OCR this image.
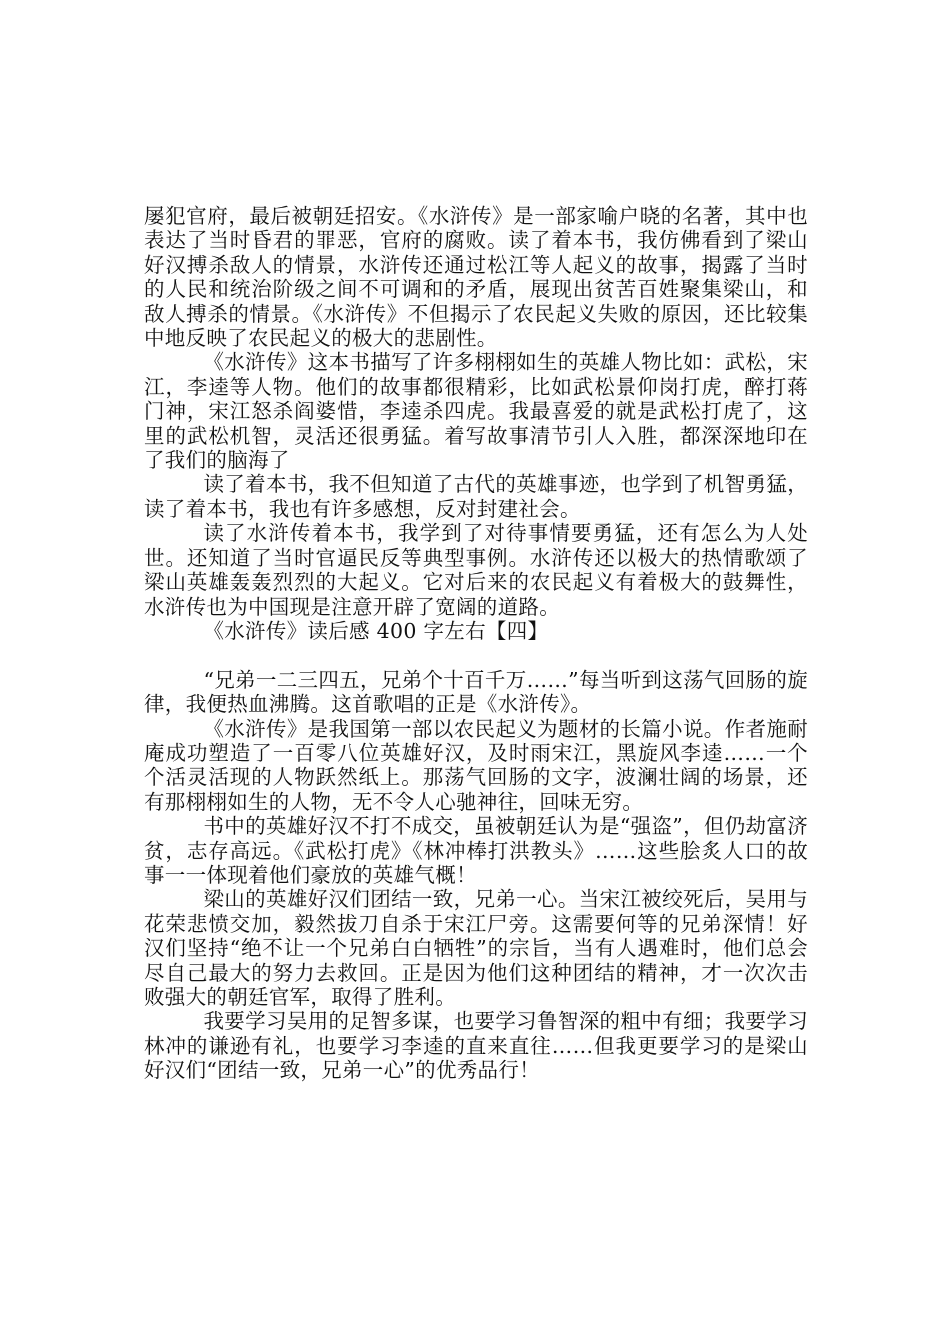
屡犯官府，最后被朝廷招安。《水浒传》是一部家喻户晓的名著，其中也表达了当时昏君的罪恶，官府的腐败。读了着本书，我仿佛看到了梁山好汉搏杀敌人的情景，水浒传还通过松江等人起义的故事，揭露了当时的人民和统治阶级之间不可调和的矛盾，展现出贫苦百姓聚集梁山，和敌人搏杀的情景。《水浒传》不但揭示了农民起义失败的原因，还比较集中地反映了农民起义的极大的悲剧性。

《水浒传》这本书描写了许多栩栩如生的英雄人物比如：武松，宋江，李逵等人物。他们的故事都很精彩，比如武松景仰岗打虎，醉打蒋门神，宋江怒杀阎婆惜，李逵杀四虎。我最喜爱的就是武松打虎了，这里的武松机智，灵活还很勇猛。着写故事清节引人入胜，都深深地印在了我们的脑海了

读了着本书，我不但知道了古代的英雄事迹，也学到了机智勇猛，读了着本书，我也有许多感想，反对封建社会。

读了水浒传着本书，我学到了对待事情要勇猛，还有怎么为人处世。还知道了当时官逼民反等典型事例。水浒传还以极大的热情歌颂了梁山英雄轰轰烈烈的大起义。它对后来的农民起义有着极大的鼓舞性，水浒传也为中国现是注意开辟了宽阔的道路。

《水浒传》读后感 400 字左右【四】

“兄弟一二三四五，兄弟个十百千万……”每当听到这荡气回肠的旋律，我便热血沸腾。这首歌唱的正是《水浒传》。

《水浒传》是我国第一部以农民起义为题材的长篇小说。作者施耐庵成功塑造了一百零八位英雄好汉，及时雨宋江，黑旋风李逵……一个个活灵活现的人物跃然纸上。那荡气回肠的文字，波澜壮阔的场景，还有那栩栩如生的人物，无不令人心驰神往，回味无穷。

书中的英雄好汉不打不成交，虽被朝廷认为是“强盗”，但仍劫富济贫，志存高远。《武松打虎》《林冲棒打洪教头》……这些脍炙人口的故事一一体现着他们豪放的英雄气概！

梁山的英雄好汉们团结一致，兄弟一心。当宋江被绞死后，吴用与花荣悲愤交加，毅然拔刀自杀于宋江尸旁。这需要何等的兄弟深情！好汉们坚持“绝不让一个兄弟白白牺牲”的宗旨，当有人遇难时，他们总会尽自己最大的努力去救回。正是因为他们这种团结的精神，才一次次击败强大的朝廷官军，取得了胜利。

我要学习吴用的足智多谋，也要学习鲁智深的粗中有细；我要学习林冲的谦逊有礼，也要学习李逵的直来直往……但我更要学习的是梁山好汉们“团结一致，兄弟一心”的优秀品行！
